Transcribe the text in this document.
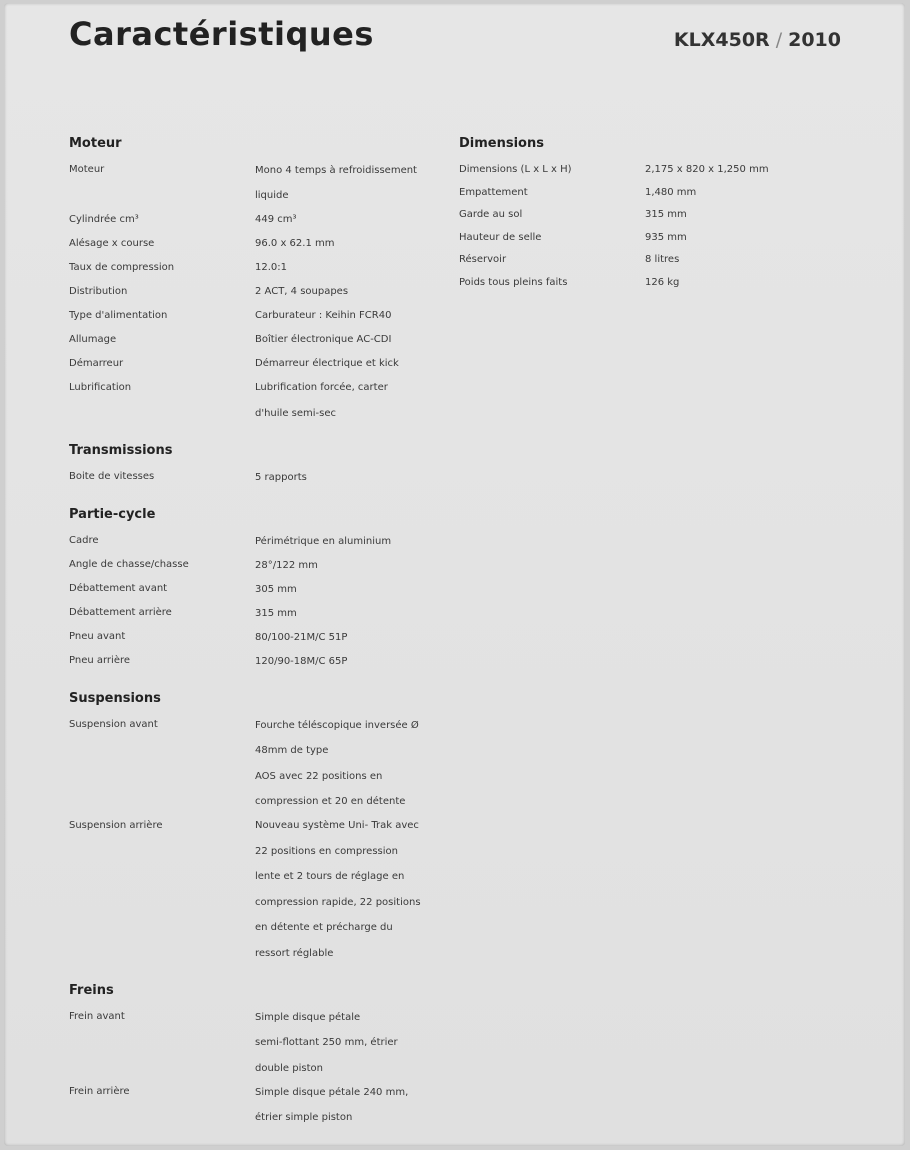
Caractéristiques	KLX450R / 2010
Moteur
Moteur	Mono 4 temps à refroidissement
liquide
Cylindrée cm³	449 cm³
Alésage x course	96.0 x 62.1 mm
Taux de compression	12.0:1
Distribution	2 ACT, 4 soupapes
Type d'alimentation	Carburateur : Keihin FCR40
Allumage	Boîtier électronique AC-CDI
Démarreur	Démarreur électrique et kick
Lubrification	Lubrification forcée, carter
d'huile semi-sec
Transmissions
Boite de vitesses	5 rapports
Partie-cycle
Cadre	Périmétrique en aluminium
Angle de chasse/chasse	28°/122 mm
Débattement avant	305 mm
Débattement arrière	315 mm
Pneu avant	80/100-21M/C 51P
Pneu arrière	120/90-18M/C 65P
Suspensions
Suspension avant	Fourche téléscopique inversée Ø
48mm de type
AOS avec 22 positions en
compression et 20 en détente
Suspension arrière	Nouveau système Uni- Trak avec
22 positions en compression
lente et 2 tours de réglage en
compression rapide, 22 positions
en détente et précharge du
ressort réglable
Freins
Frein avant	Simple disque pétale
semi-flottant 250 mm, étrier
double piston
Frein arrière	Simple disque pétale 240 mm,
étrier simple piston
Dimensions
Dimensions (L x L x H)	2,175 x 820 x 1,250 mm
Empattement	1,480 mm
Garde au sol	315 mm
Hauteur de selle	935 mm
Réservoir	8 litres
Poids tous pleins faits	126 kg
